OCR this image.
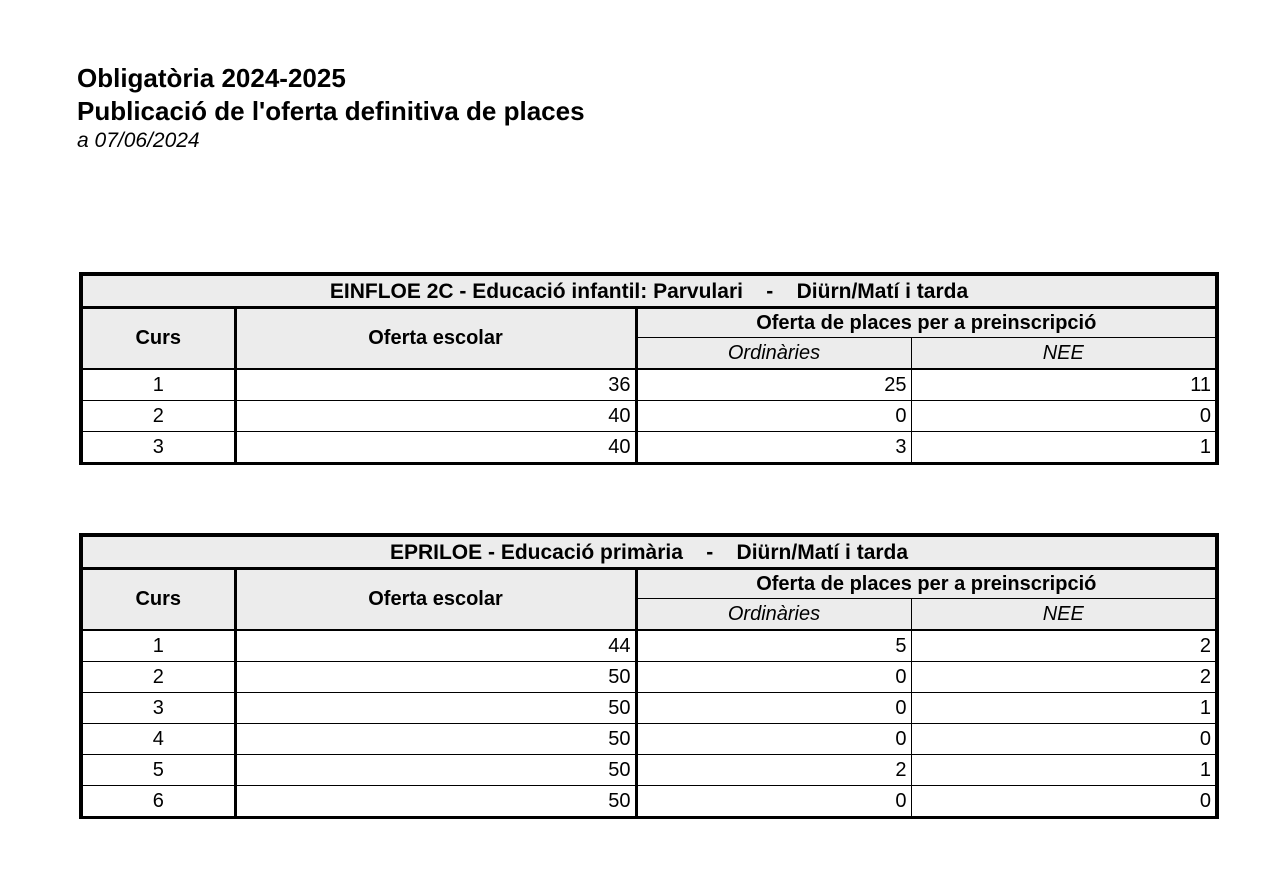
Obligatòria 2024-2025
Publicació de l'oferta definitiva de places
a 07/06/2024
EINFLOE 2C - Educació infantil: Parvulari    -    Diürn/Matí i tarda			
Curs	Oferta escolar	Oferta de places per a preinscripció	
		Ordinàries	NEE
1	36	25	11
2	40	0	0
3	40	3	1
EPRILOE - Educació primària    -    Diürn/Matí i tarda			
Curs	Oferta escolar	Oferta de places per a preinscripció	
		Ordinàries	NEE
1	44	5	2
2	50	0	2
3	50	0	1
4	50	0	0
5	50	2	1
6	50	0	0
